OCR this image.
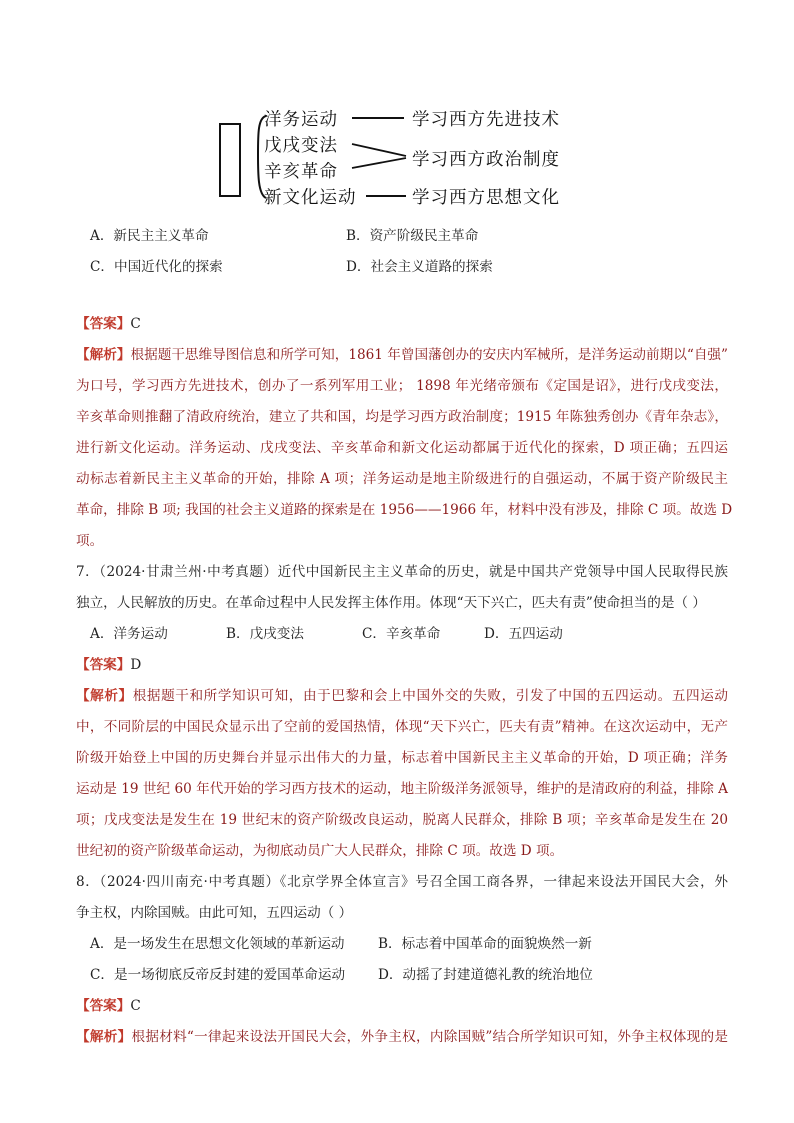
洋务运动
戊戌变法
辛亥革命
新文化运动
学习西方先进技术
学习西方政治制度
学习西方思想文化
A．新民主主义革命	B．资产阶级民主革命
C．中国近代化的探索	D．社会主义道路的探索
【答案】C
【解析】根据题干思维导图信息和所学可知，1861 年曾国藩创办的安庆内军械所，是洋务运动前期以“自强”
为口号，学习西方先进技术，创办了一系列军用工业； 1898 年光绪帝颁布《定国是诏》，进行戊戌变法，
辛亥革命则推翻了清政府统治，建立了共和国，均是学习西方政治制度；1915 年陈独秀创办《青年杂志》，
进行新文化运动。洋务运动、戊戌变法、辛亥革命和新文化运动都属于近代化的探索，D 项正确；五四运
动标志着新民主主义革命的开始，排除 A 项；洋务运动是地主阶级进行的自强运动，不属于资产阶级民主
革命，排除 B 项; 我国的社会主义道路的探索是在 1956——1966 年，材料中没有涉及，排除 C 项。故选 D
项。
7．（2024·甘肃兰州·中考真题）近代中国新民主主义革命的历史，就是中国共产党领导中国人民取得民族
独立，人民解放的历史。在革命过程中人民发挥主体作用。体现“天下兴亡，匹夫有责”使命担当的是（ ）
A．洋务运动	B．戊戌变法	C．辛亥革命	D．五四运动
【答案】D
【解析】根据题干和所学知识可知，由于巴黎和会上中国外交的失败，引发了中国的五四运动。五四运动
中，不同阶层的中国民众显示出了空前的爱国热情，体现“天下兴亡，匹夫有责”精神。在这次运动中，无产
阶级开始登上中国的历史舞台并显示出伟大的力量，标志着中国新民主主义革命的开始，D 项正确；洋务
运动是 19 世纪 60 年代开始的学习西方技术的运动，地主阶级洋务派领导，维护的是清政府的利益，排除 A
项；戊戌变法是发生在 19 世纪末的资产阶级改良运动，脱离人民群众，排除 B 项；辛亥革命是发生在 20
世纪初的资产阶级革命运动，为彻底动员广大人民群众，排除 C 项。故选 D 项。
8．（2024·四川南充·中考真题）《北京学界全体宣言》号召全国工商各界，一律起来设法开国民大会，外
争主权，内除国贼。由此可知，五四运动（ ）
A．是一场发生在思想文化领域的革新运动 B．标志着中国革命的面貌焕然一新
C．是一场彻底反帝反封建的爱国革命运动 D．动摇了封建道德礼教的统治地位
【答案】C
【解析】根据材料“一律起来设法开国民大会，外争主权，内除国贼”结合所学知识可知，外争主权体现的是
